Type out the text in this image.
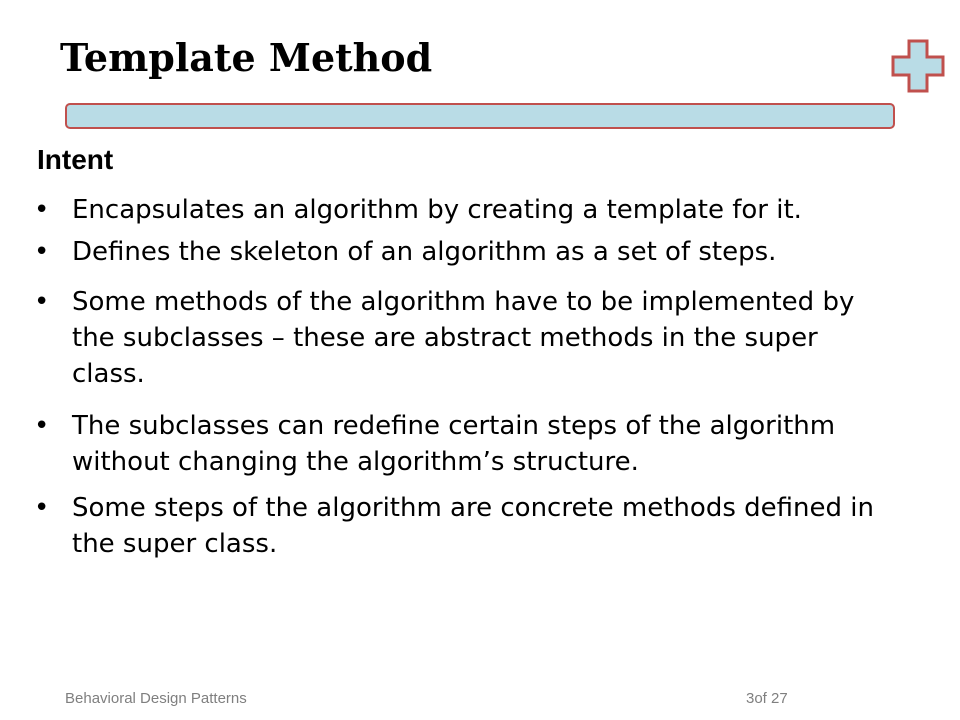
Template Method
Intent
• Encapsulates an algorithm by creating a template for it.
• Defines the skeleton of an algorithm as a set of steps.
• Some methods of the algorithm have to be implemented by the subclasses – these are abstract methods in the super class.
• The subclasses can redefine certain steps of the algorithm without changing the algorithm’s structure.
• Some steps of the algorithm are concrete methods defined in the super class.
Behavioral Design Patterns	3of 27
